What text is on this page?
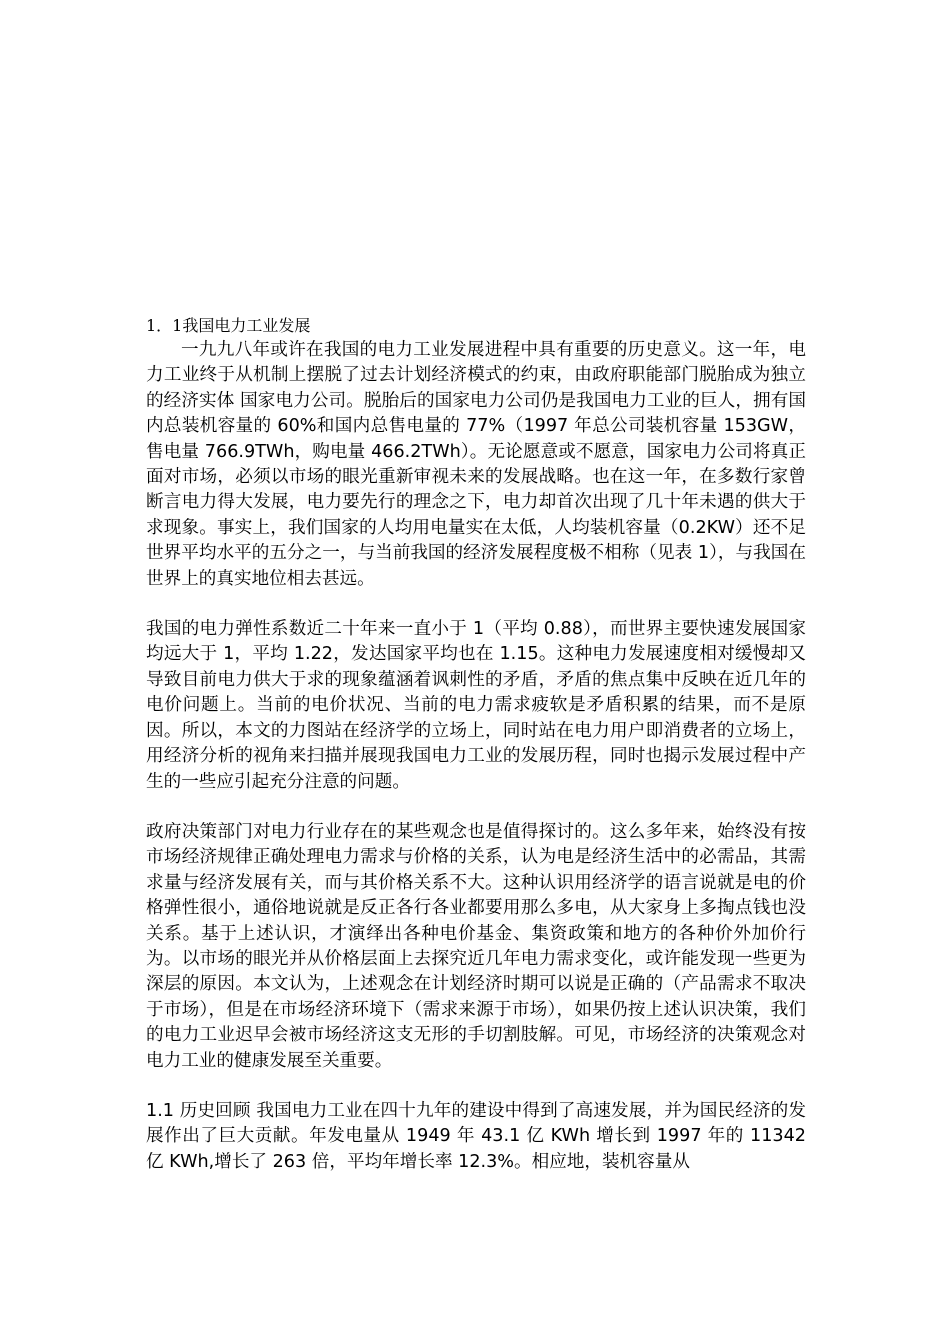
1．1我国电力工业发展

一九九八年或许在我国的电力工业发展进程中具有重要的历史意义。这一年，电力工业终于从机制上摆脱了过去计划经济模式的约束，由政府职能部门脱胎成为独立的经济实体 国家电力公司。脱胎后的国家电力公司仍是我国电力工业的巨人，拥有国内总装机容量的 60%和国内总售电量的 77%（1997 年总公司装机容量 153GW，售电量 766.9TWh，购电量 466.2TWh）。无论愿意或不愿意，国家电力公司将真正面对市场，必须以市场的眼光重新审视未来的发展战略。也在这一年，在多数行家曾断言电力得大发展，电力要先行的理念之下，电力却首次出现了几十年未遇的供大于求现象。事实上，我们国家的人均用电量实在太低，人均装机容量（0.2KW）还不足世界平均水平的五分之一，与当前我国的经济发展程度极不相称（见表 1），与我国在世界上的真实地位相去甚远。

我国的电力弹性系数近二十年来一直小于 1（平均 0.88），而世界主要快速发展国家均远大于 1，平均 1.22，发达国家平均也在 1.15。这种电力发展速度相对缓慢却又导致目前电力供大于求的现象蕴涵着讽刺性的矛盾，矛盾的焦点集中反映在近几年的电价问题上。当前的电价状况、当前的电力需求疲软是矛盾积累的结果，而不是原因。所以，本文的力图站在经济学的立场上，同时站在电力用户即消费者的立场上，用经济分析的视角来扫描并展现我国电力工业的发展历程，同时也揭示发展过程中产生的一些应引起充分注意的问题。

政府决策部门对电力行业存在的某些观念也是值得探讨的。这么多年来，始终没有按市场经济规律正确处理电力需求与价格的关系，认为电是经济生活中的必需品，其需求量与经济发展有关，而与其价格关系不大。这种认识用经济学的语言说就是电的价格弹性很小，通俗地说就是反正各行各业都要用那么多电，从大家身上多掏点钱也没关系。基于上述认识，才演绎出各种电价基金、集资政策和地方的各种价外加价行为。以市场的眼光并从价格层面上去探究近几年电力需求变化，或许能发现一些更为深层的原因。本文认为，上述观念在计划经济时期可以说是正确的（产品需求不取决于市场），但是在市场经济环境下（需求来源于市场），如果仍按上述认识决策，我们的电力工业迟早会被市场经济这支无形的手切割肢解。可见，市场经济的决策观念对电力工业的健康发展至关重要。

1.1 历史回顾 我国电力工业在四十九年的建设中得到了高速发展，并为国民经济的发展作出了巨大贡献。年发电量从 1949 年 43.1 亿 KWh 增长到 1997 年的 11342 亿 KWh,增长了 263 倍，平均年增长率 12.3%。相应地，装机容量从
